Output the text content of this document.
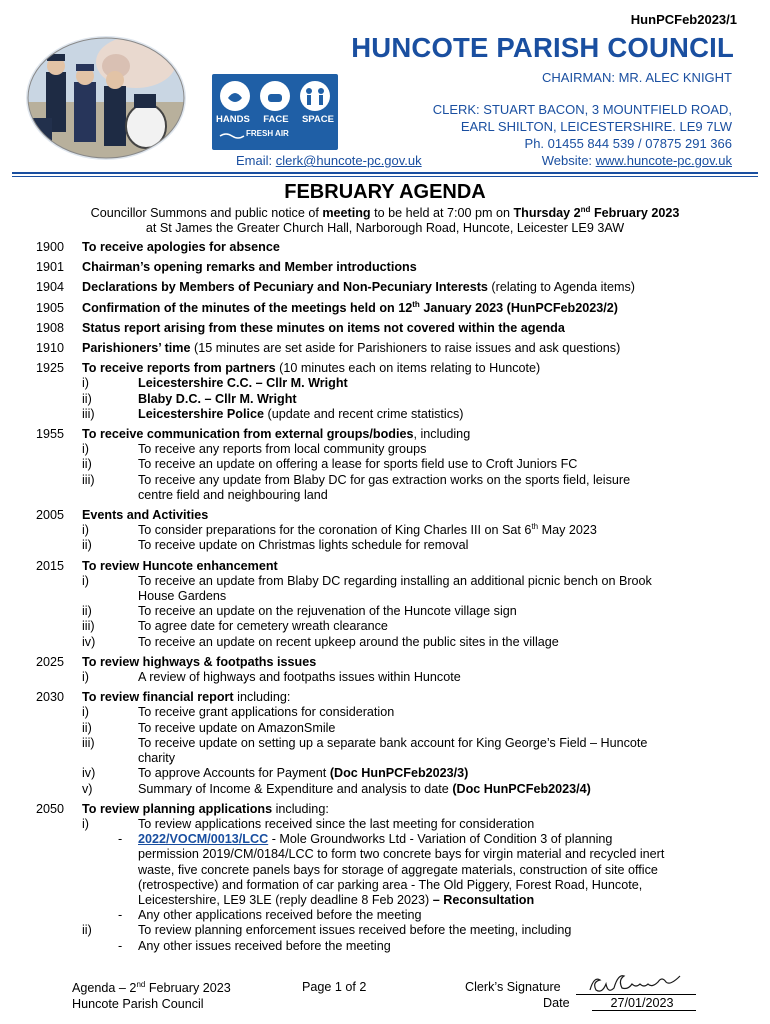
HunPCFeb2023/1
HANDS FACE SPACE
FRESH AIR
HUNCOTE PARISH COUNCIL
CHAIRMAN: MR. ALEC KNIGHT
CLERK: STUART BACON, 3 MOUNTFIELD ROAD,
EARL SHILTON, LEICESTERSHIRE. LE9 7LW
Ph. 01455 844 539 / 07875 291 366
Email: clerk@huncote-pc.gov.uk	Website: www.huncote-pc.gov.uk
FEBRUARY AGENDA
Councillor Summons and public notice of meeting to be held at 7:00 pm on Thursday 2nd February 2023
at St James the Greater Church Hall, Narborough Road, Huncote, Leicester LE9 3AW
1900	To receive apologies for absence
1901	Chairman’s opening remarks and Member introductions
1904	Declarations by Members of Pecuniary and Non-Pecuniary Interests (relating to Agenda items)
1905	Confirmation of the minutes of the meetings held on 12th January 2023 (HunPCFeb2023/2)
1908	Status report arising from these minutes on items not covered within the agenda
1910	Parishioners’ time (15 minutes are set aside for Parishioners to raise issues and ask questions)
1925	To receive reports from partners (10 minutes each on items relating to Huncote)
i)	Leicestershire C.C. – Cllr M. Wright
ii)	Blaby D.C. – Cllr M. Wright
iii)	Leicestershire Police (update and recent crime statistics)
1955	To receive communication from external groups/bodies, including
i)	To receive any reports from local community groups
ii)	To receive an update on offering a lease for sports field use to Croft Juniors FC
iii)	To receive any update from Blaby DC for gas extraction works on the sports field, leisure
centre field and neighbouring land
2005	Events and Activities
i)	To consider preparations for the coronation of King Charles III on Sat 6th May 2023
ii)	To receive update on Christmas lights schedule for removal
2015	To review Huncote enhancement
i)	To receive an update from Blaby DC regarding installing an additional picnic bench on Brook
House Gardens
ii)	To receive an update on the rejuvenation of the Huncote village sign
iii)	To agree date for cemetery wreath clearance
iv)	To receive an update on recent upkeep around the public sites in the village
2025	To review highways & footpaths issues
i)	A review of highways and footpaths issues within Huncote
2030	To review financial report including:
i)	To receive grant applications for consideration
ii)	To receive update on AmazonSmile
iii)	To receive update on setting up a separate bank account for King George’s Field – Huncote
charity
iv)	To approve Accounts for Payment (Doc HunPCFeb2023/3)
v)	Summary of Income & Expenditure and analysis to date (Doc HunPCFeb2023/4)
2050	To review planning applications including:
i)	To review applications received since the last meeting for consideration
- 2022/VOCM/0013/LCC - Mole Groundworks Ltd - Variation of Condition 3 of planning
permission 2019/CM/0184/LCC to form two concrete bays for virgin material and recycled inert
waste, five concrete panels bays for storage of aggregate materials, construction of site office
(retrospective) and formation of car parking area - The Old Piggery, Forest Road, Huncote,
Leicestershire, LE9 3LE (reply deadline 8 Feb 2023) – Reconsultation
- Any other applications received before the meeting
ii)	To review planning enforcement issues received before the meeting, including
- Any other issues received before the meeting
Agenda – 2nd February 2023
Huncote Parish Council
Page 1 of 2	Clerk’s Signature
Date	27/01/2023
